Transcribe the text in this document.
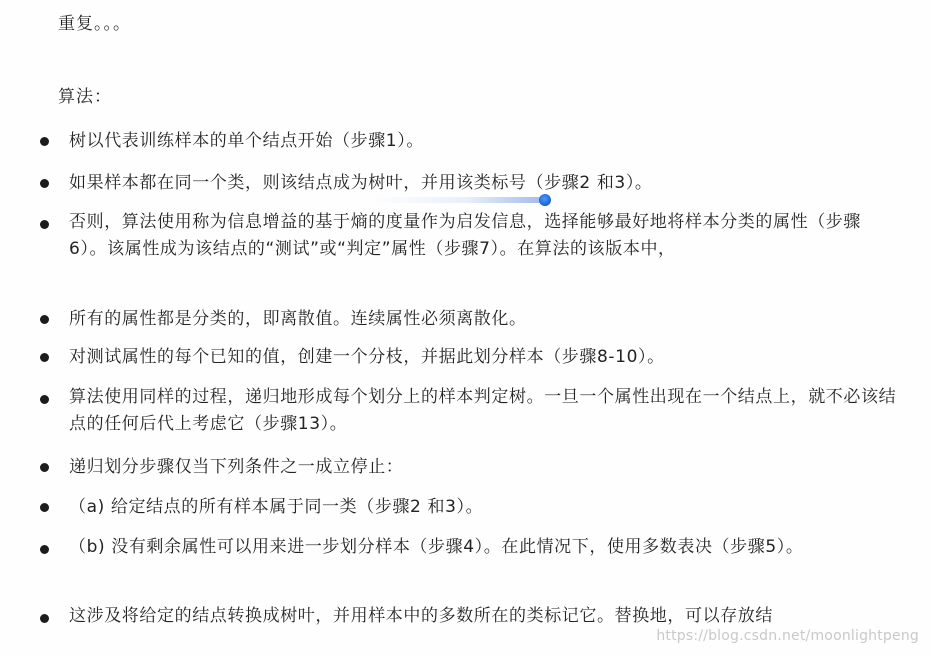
重复。。。
算法：
树以代表训练样本的单个结点开始（步骤1）。
如果样本都在同一个类，则该结点成为树叶，并用该类标号（步骤2 和3）。
否则，算法使用称为信息增益的基于熵的度量作为启发信息，选择能够最好地将样本分类的属性（步骤6）。该属性成为该结点的“测试”或“判定”属性（步骤7）。在算法的该版本中，
所有的属性都是分类的，即离散值。连续属性必须离散化。
对测试属性的每个已知的值，创建一个分枝，并据此划分样本（步骤8-10）。
算法使用同样的过程，递归地形成每个划分上的样本判定树。一旦一个属性出现在一个结点上，就不必该结点的任何后代上考虑它（步骤13）。
递归划分步骤仅当下列条件之一成立停止：
（a) 给定结点的所有样本属于同一类（步骤2 和3）。
（b) 没有剩余属性可以用来进一步划分样本（步骤4）。在此情况下，使用多数表决（步骤5）。
这涉及将给定的结点转换成树叶，并用样本中的多数所在的类标记它。替换地，可以存放结
https://blog.csdn.net/moonlightpeng
